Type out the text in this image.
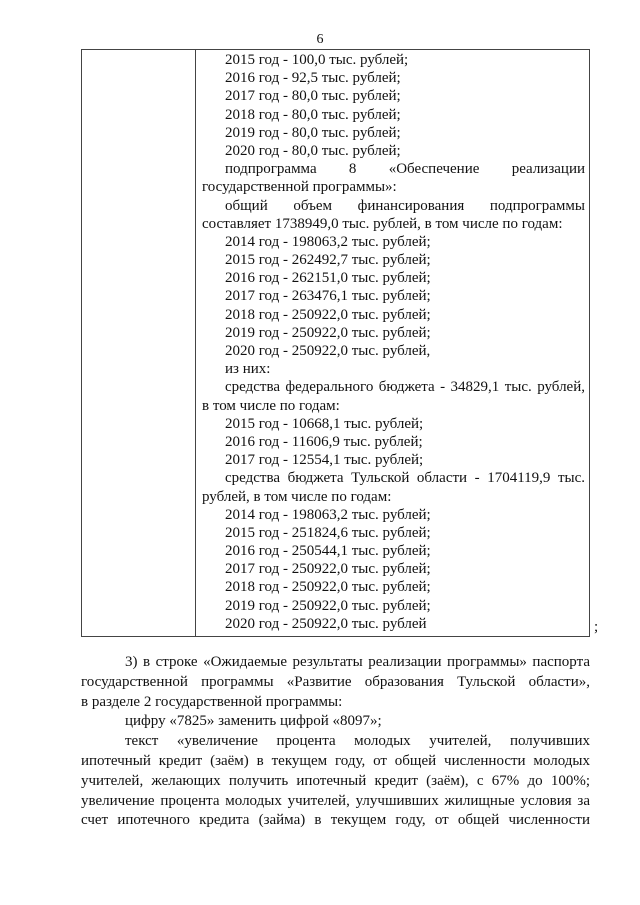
6
2015 год - 100,0 тыс. рублей;
2016 год - 92,5 тыс. рублей;
2017 год - 80,0 тыс. рублей;
2018 год - 80,0 тыс. рублей;
2019 год - 80,0 тыс. рублей;
2020 год - 80,0 тыс. рублей;
подпрограмма 8 «Обеспечение реализации
государственной программы»:
общий объем финансирования подпрограммы
составляет 1738949,0 тыс. рублей, в том числе по годам:
2014 год - 198063,2 тыс. рублей;
2015 год - 262492,7 тыс. рублей;
2016 год - 262151,0 тыс. рублей;
2017 год - 263476,1 тыс. рублей;
2018 год - 250922,0 тыс. рублей;
2019 год - 250922,0 тыс. рублей;
2020 год - 250922,0 тыс. рублей,
из них:
средства федерального бюджета - 34829,1 тыс. рублей,
в том числе по годам:
2015 год - 10668,1 тыс. рублей;
2016 год - 11606,9 тыс. рублей;
2017 год - 12554,1 тыс. рублей;
средства бюджета Тульской области - 1704119,9 тыс.
рублей, в том числе по годам:
2014 год - 198063,2 тыс. рублей;
2015 год - 251824,6 тыс. рублей;
2016 год - 250544,1 тыс. рублей;
2017 год - 250922,0 тыс. рублей;
2018 год - 250922,0 тыс. рублей;
2019 год - 250922,0 тыс. рублей;
2020 год - 250922,0 тыс. рублей	;
3) в строке «Ожидаемые результаты реализации программы» паспорта
государственной программы «Развитие образования Тульской области»,
в разделе 2 государственной программы:
цифру «7825» заменить цифрой «8097»;
текст «увеличение процента молодых учителей, получивших
ипотечный кредит (заём) в текущем году, от общей численности молодых
учителей, желающих получить ипотечный кредит (заём), с 67% до 100%;
увеличение процента молодых учителей, улучшивших жилищные условия за
счет ипотечного кредита (займа) в текущем году, от общей численности
